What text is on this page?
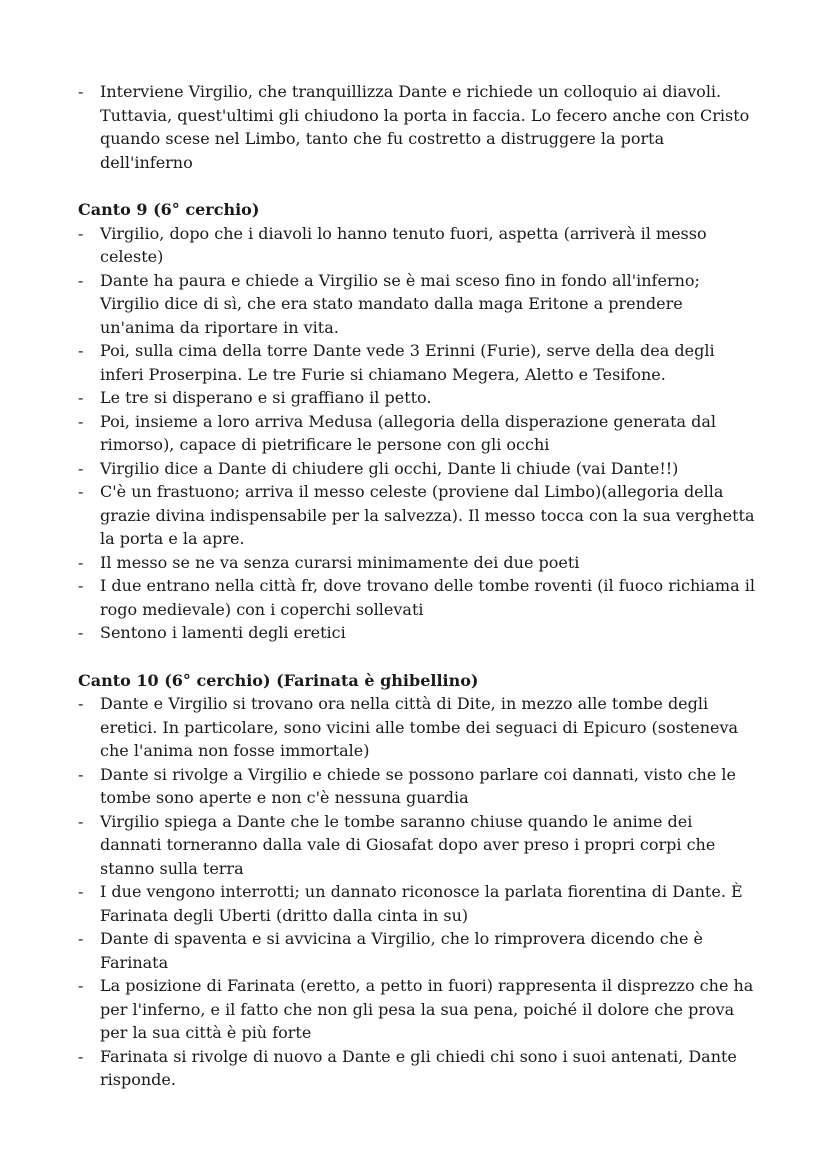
- Interviene Virgilio, che tranquillizza Dante e richiede un colloquio ai diavoli. Tuttavia, quest'ultimi gli chiudono la porta in faccia. Lo fecero anche con Cristo quando scese nel Limbo, tanto che fu costretto a distruggere la porta dell'inferno
Canto 9 (6° cerchio)
- Virgilio, dopo che i diavoli lo hanno tenuto fuori, aspetta (arriverà il messo celeste)
- Dante ha paura e chiede a Virgilio se è mai sceso fino in fondo all'inferno; Virgilio dice di sì, che era stato mandato dalla maga Eritone a prendere un'anima da riportare in vita.
- Poi, sulla cima della torre Dante vede 3 Erinni (Furie), serve della dea degli inferi Proserpina. Le tre Furie si chiamano Megera, Aletto e Tesifone.
- Le tre si disperano e si graffiano il petto.
- Poi, insieme a loro arriva Medusa (allegoria della disperazione generata dal rimorso), capace di pietrificare le persone con gli occhi
- Virgilio dice a Dante di chiudere gli occhi, Dante li chiude (vai Dante!!)
- C'è un frastuono; arriva il messo celeste (proviene dal Limbo)(allegoria della grazie divina indispensabile per la salvezza). Il messo tocca con la sua verghetta la porta e la apre.
- Il messo se ne va senza curarsi minimamente dei due poeti
- I due entrano nella città fr, dove trovano delle tombe roventi (il fuoco richiama il rogo medievale) con i coperchi sollevati
- Sentono i lamenti degli eretici
Canto 10 (6° cerchio) (Farinata è ghibellino)
- Dante e Virgilio si trovano ora nella città di Dite, in mezzo alle tombe degli eretici. In particolare, sono vicini alle tombe dei seguaci di Epicuro (sosteneva che l'anima non fosse immortale)
- Dante si rivolge a Virgilio e chiede se possono parlare coi dannati, visto che le tombe sono aperte e non c'è nessuna guardia
- Virgilio spiega a Dante che le tombe saranno chiuse quando le anime dei dannati torneranno dalla vale di Giosafat dopo aver preso i propri corpi che stanno sulla terra
- I due vengono interrotti; un dannato riconosce la parlata fiorentina di Dante. È Farinata degli Uberti (dritto dalla cinta in su)
- Dante di spaventa e si avvicina a Virgilio, che lo rimprovera dicendo che è Farinata
- La posizione di Farinata (eretto, a petto in fuori) rappresenta il disprezzo che ha per l'inferno, e il fatto che non gli pesa la sua pena, poiché il dolore che prova per la sua città è più forte
- Farinata si rivolge di nuovo a Dante e gli chiedi chi sono i suoi antenati, Dante risponde.
